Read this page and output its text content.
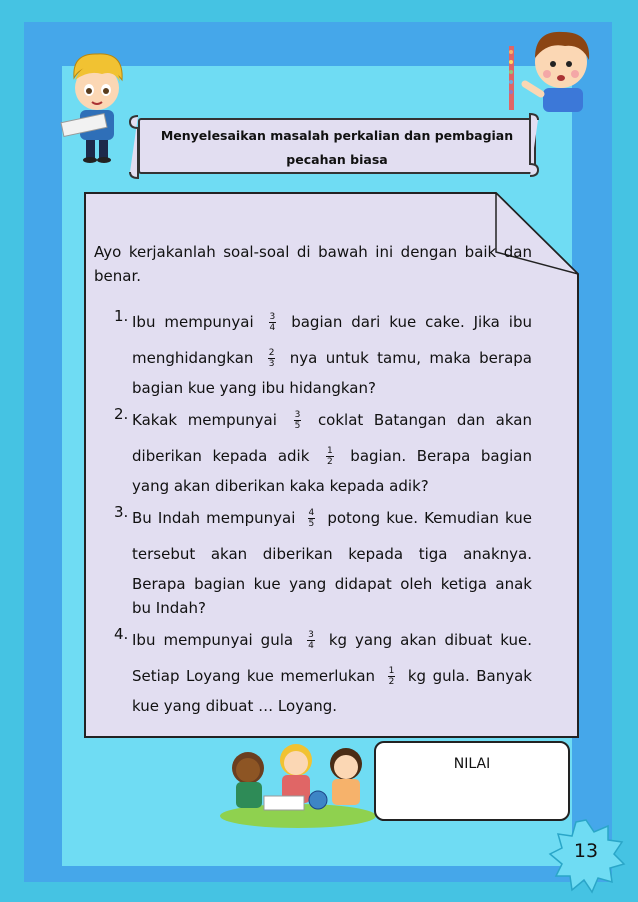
Menyelesaikan masalah perkalian dan pembagian
pecahan biasa

Ayo kerjakanlah soal-soal di bawah ini dengan baik dan benar.

1. Ibu mempunyai $\frac{3}{4}$ bagian dari kue cake. Jika ibu
menghidangkan $\frac{2}{3}$ nya untuk tamu, maka berapa
bagian kue yang ibu hidangkan?
2. Kakak mempunyai $\frac{3}{5}$ coklat Batangan dan akan
diberikan kepada adik $\frac{1}{2}$ bagian. Berapa bagian
yang akan diberikan kaka kepada adik?
3. Bu Indah mempunyai $\frac{4}{5}$ potong kue. Kemudian kue
tersebut akan diberikan kepada tiga anaknya.
Berapa bagian kue yang didapat oleh ketiga anak
bu Indah?
4. Ibu mempunyai gula $\frac{3}{4}$ kg yang akan dibuat kue.
Setiap Loyang kue memerlukan $\frac{1}{2}$ kg gula. Banyak
kue yang dibuat … Loyang.
NILAI
13
